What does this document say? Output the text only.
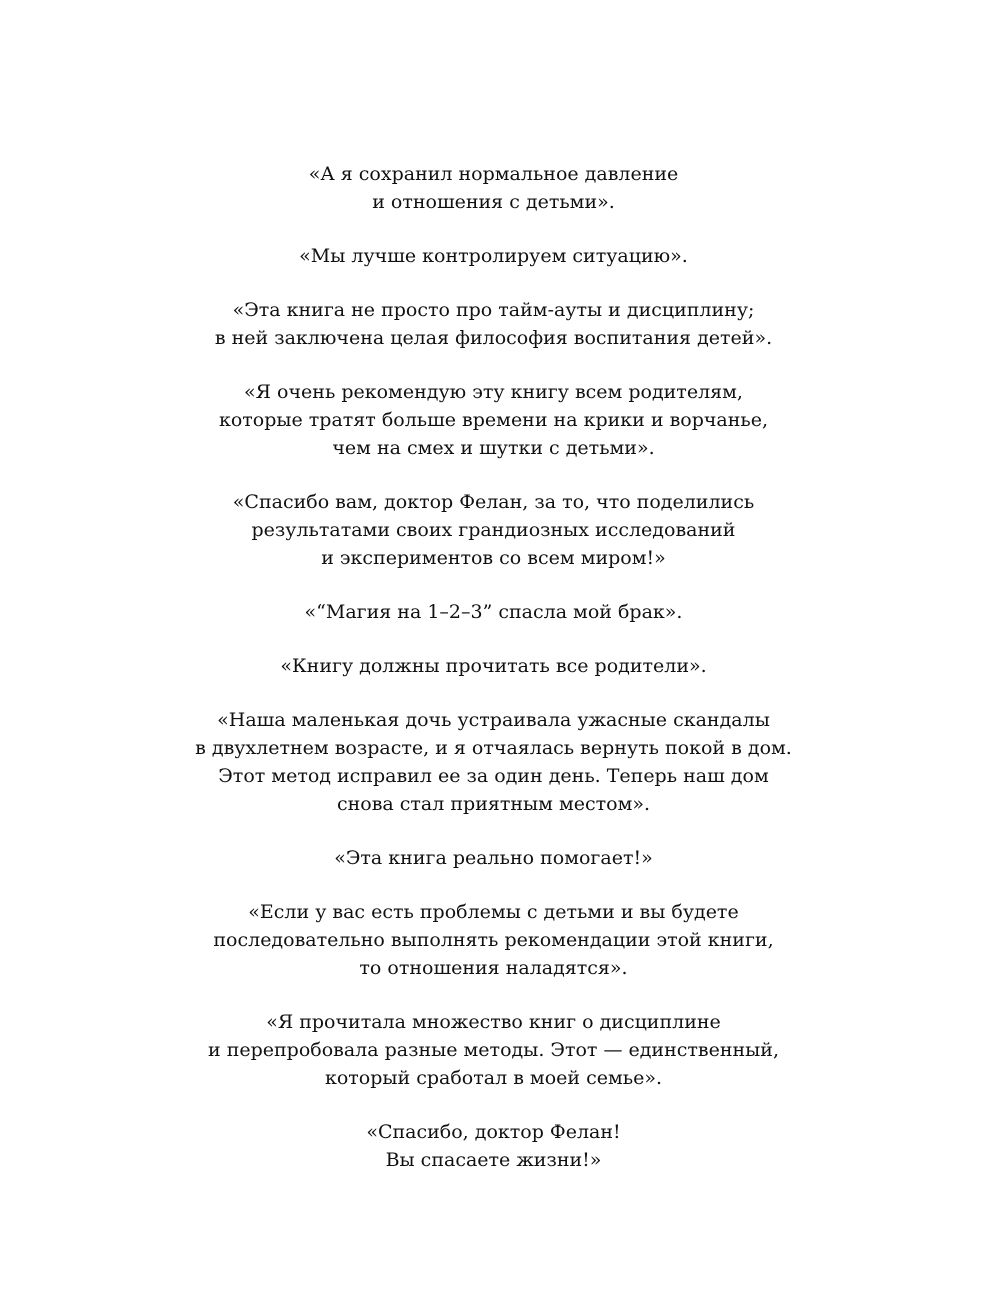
«А я сохранил нормальное давление
и отношения с детьми».

«Мы лучше контролируем ситуацию».

«Эта книга не просто про тайм-ауты и дисциплину;
в ней заключена целая философия воспитания детей».

«Я очень рекомендую эту книгу всем родителям,
которые тратят больше времени на крики и ворчанье,
чем на смех и шутки с детьми».

«Спасибо вам, доктор Фелан, за то, что поделились
результатами своих грандиозных исследований
и экспериментов со всем миром!»

«“Магия на 1–2–3” спасла мой брак».

«Книгу должны прочитать все родители».

«Наша маленькая дочь устраивала ужасные скандалы
в двухлетнем возрасте, и я отчаялась вернуть покой в дом.
Этот метод исправил ее за один день. Теперь наш дом
снова стал приятным местом».

«Эта книга реально помогает!»

«Если у вас есть проблемы с детьми и вы будете
последовательно выполнять рекомендации этой книги,
то отношения наладятся».

«Я прочитала множество книг о дисциплине
и перепробовала разные методы. Этот — единственный,
который сработал в моей семье».

«Спасибо, доктор Фелан!
Вы спасаете жизни!»
